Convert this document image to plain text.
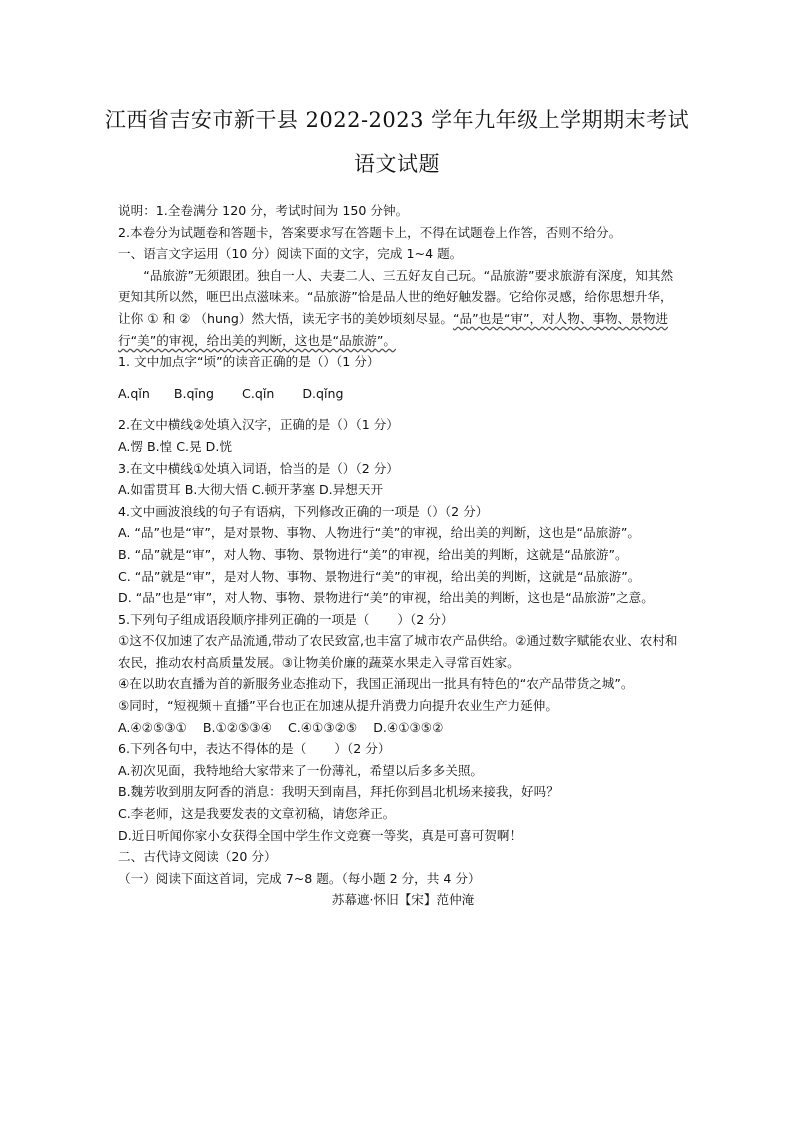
江西省吉安市新干县 2022-2023 学年九年级上学期期末考试
语文试题

说明：1.全卷满分 120 分，考试时间为 150 分钟。

2.本卷分为试题卷和答题卡，答案要求写在答题卡上，不得在试题卷上作答，否则不给分。

一、语言文字运用（10 分）阅读下面的文字，完成 1~4 题。

“品旅游”无须跟团。独自一人、夫妻二人、三五好友自己玩。“品旅游”要求旅游有深度，知其然更知其所以然，咂巴出点滋味来。“品旅游”恰是品人世的绝好触发器。它给你灵感，给你思想升华，让你 ① 和 ② （hung）然大悟，读无字书的美妙顷刻尽显。“品”也是“审”，对人物、事物、景物进行“美”的审视，给出美的判断，这也是“品旅游”。

1. 文中加点字“顷”的读音正确的是（）（1 分）

A.qǐn      B.qīng       C.qǐn       D.qǐng

2.在文中横线②处填入汉字，正确的是（）（1 分）

A.愣 B.惶 C.晃 D.恍

3.在文中横线①处填入词语，恰当的是（）（2 分）

A.如雷贯耳 B.大彻大悟 C.顿开茅塞 D.异想天开

4.文中画波浪线的句子有语病，下列修改正确的一项是（）（2 分）

A. “品”也是“审”，是对景物、事物、人物进行“美”的审视，给出美的判断，这也是“品旅游”。

B. “品”就是“审”，对人物、事物、景物进行“美”的审视，给出美的判断，这就是“品旅游”。

C. “品”就是“审”，是对人物、事物、景物进行“美”的审视，给出美的判断，这就是“品旅游”。

D. “品”也是“审”，对人物、事物、景物进行“美”的审视，给出美的判断，这也是“品旅游”之意。

5.下列句子组成语段顺序排列正确的一项是（       ）（2 分）

①这不仅加速了农产品流通,带动了农民致富,也丰富了城市农产品供给。②通过数字赋能农业、农村和农民，推动农村高质量发展。③让物美价廉的蔬菜水果走入寻常百姓家。

④在以助农直播为首的新服务业态推动下，我国正涌现出一批具有特色的“农产品带货之城”。

⑤同时，“短视频＋直播”平台也正在加速从提升消费力向提升农业生产力延伸。

A.④②⑤③①    B.①②⑤③④    C.④①③②⑤    D.④①③⑤②

6.下列各句中，表达不得体的是（       ）（2 分）

A.初次见面，我特地给大家带来了一份薄礼，希望以后多多关照。

B.魏芳收到朋友阿香的消息：我明天到南昌，拜托你到昌北机场来接我，好吗？

C.李老师，这是我要发表的文章初稿，请您斧正。

D.近日听闻你家小女获得全国中学生作文竞赛一等奖，真是可喜可贺啊！

二、古代诗文阅读（20 分）

（一）阅读下面这首词，完成 7~8 题。（每小题 2 分，共 4 分）

苏幕遮·怀旧【宋】范仲淹
